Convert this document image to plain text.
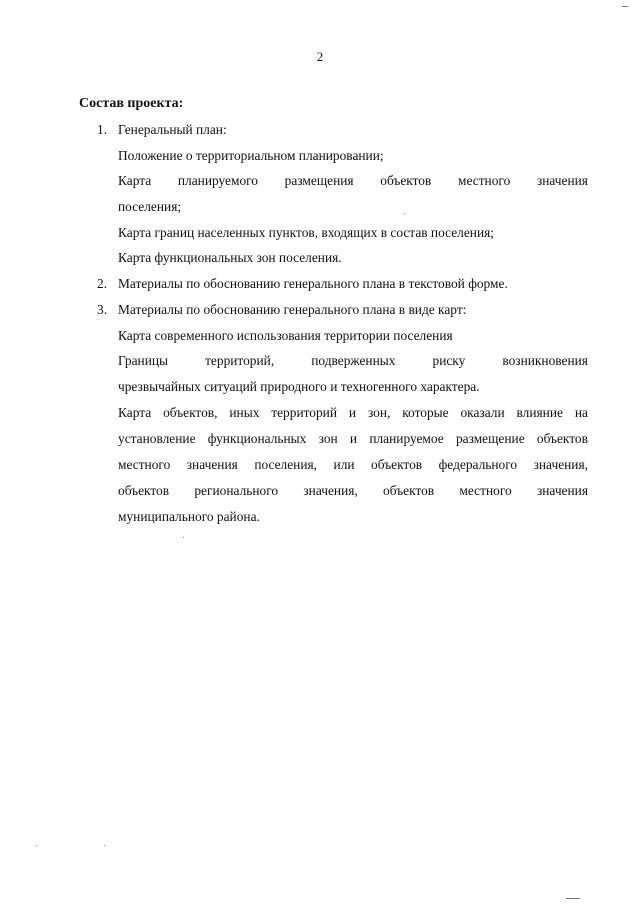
2
Состав проекта:
1. Генеральный план:
Положение о территориальном планировании;
Карта планируемого размещения объектов местного значения
поселения;
Карта границ населенных пунктов, входящих в состав поселения;
Карта функциональных зон поселения.
2. Материалы по обоснованию генерального плана в текстовой форме.
3. Материалы по обоснованию генерального плана в виде карт:
Карта современного использования территории поселения
Границы	территорий,	подверженных	риску	возникновения
чрезвычайных ситуаций природного и техногенного характера.
Карта объектов, иных территорий и зон, которые оказали влияние на
установление функциональных зон и планируемое размещение объектов
местного значения поселения, или объектов федерального значения,
объектов регионального значения, объектов местного значения
муниципального района.
